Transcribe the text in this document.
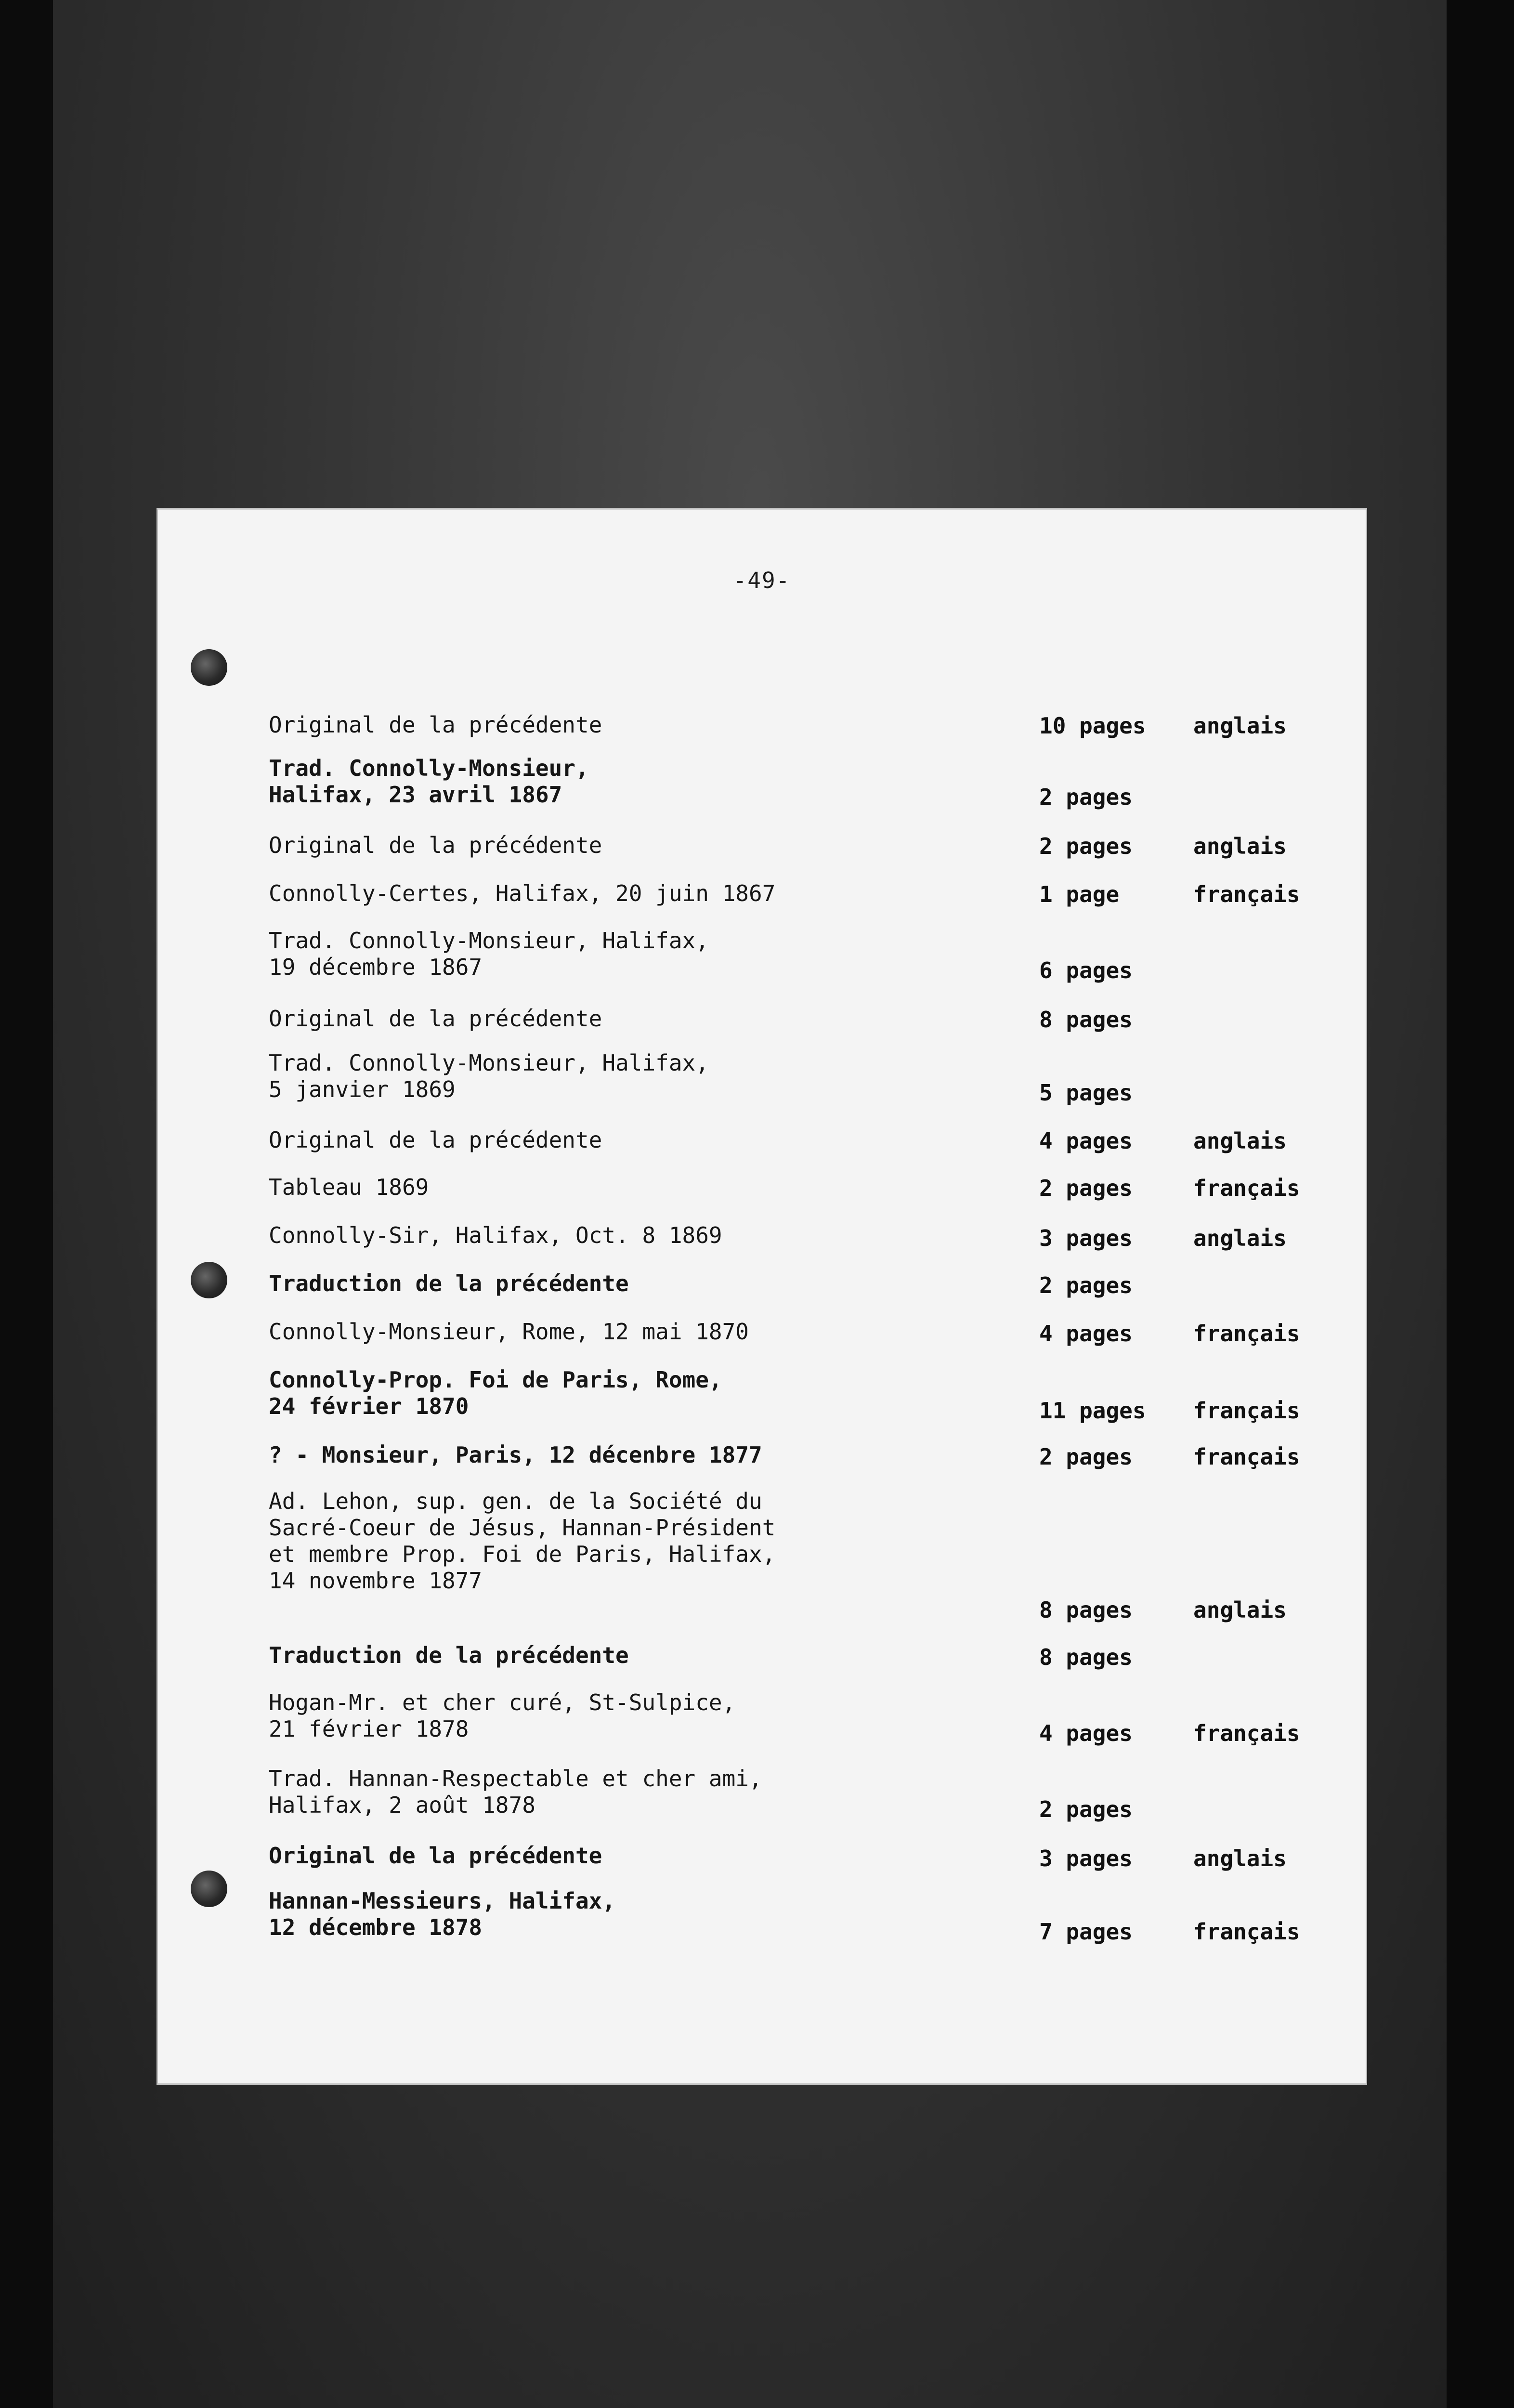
-49-
Original de la précédente	10 pages	anglais
Trad. Connolly-Monsieur,
Halifax, 23 avril 1867	2 pages
Original de la précédente	2 pages	anglais
Connolly-Certes, Halifax, 20 juin 1867	1 page	français
Trad. Connolly-Monsieur, Halifax,
19 décembre 1867	6 pages
Original de la précédente	8 pages
Trad. Connolly-Monsieur, Halifax,
5 janvier 1869	5 pages
Original de la précédente	4 pages	anglais
Tableau 1869	2 pages	français
Connolly-Sir, Halifax, Oct. 8 1869	3 pages	anglais
Traduction de la précédente	2 pages
Connolly-Monsieur, Rome, 12 mai 1870	4 pages	français
Connolly-Prop. Foi de Paris, Rome,
24 février 1870	11 pages	français
? - Monsieur, Paris, 12 décenbre 1877	2 pages	français
Ad. Lehon, sup. gen. de la Société du
Sacré-Coeur de Jésus, Hannan-Président
et membre Prop. Foi de Paris, Halifax,
14 novembre 1877
8 pages	anglais
Traduction de la précédente	8 pages
Hogan-Mr. et cher curé, St-Sulpice,
21 février 1878	4 pages	français
Trad. Hannan-Respectable et cher ami,
Halifax, 2 août 1878	2 pages
Original de la précédente	3 pages	anglais
Hannan-Messieurs, Halifax,
12 décembre 1878	7 pages	français
